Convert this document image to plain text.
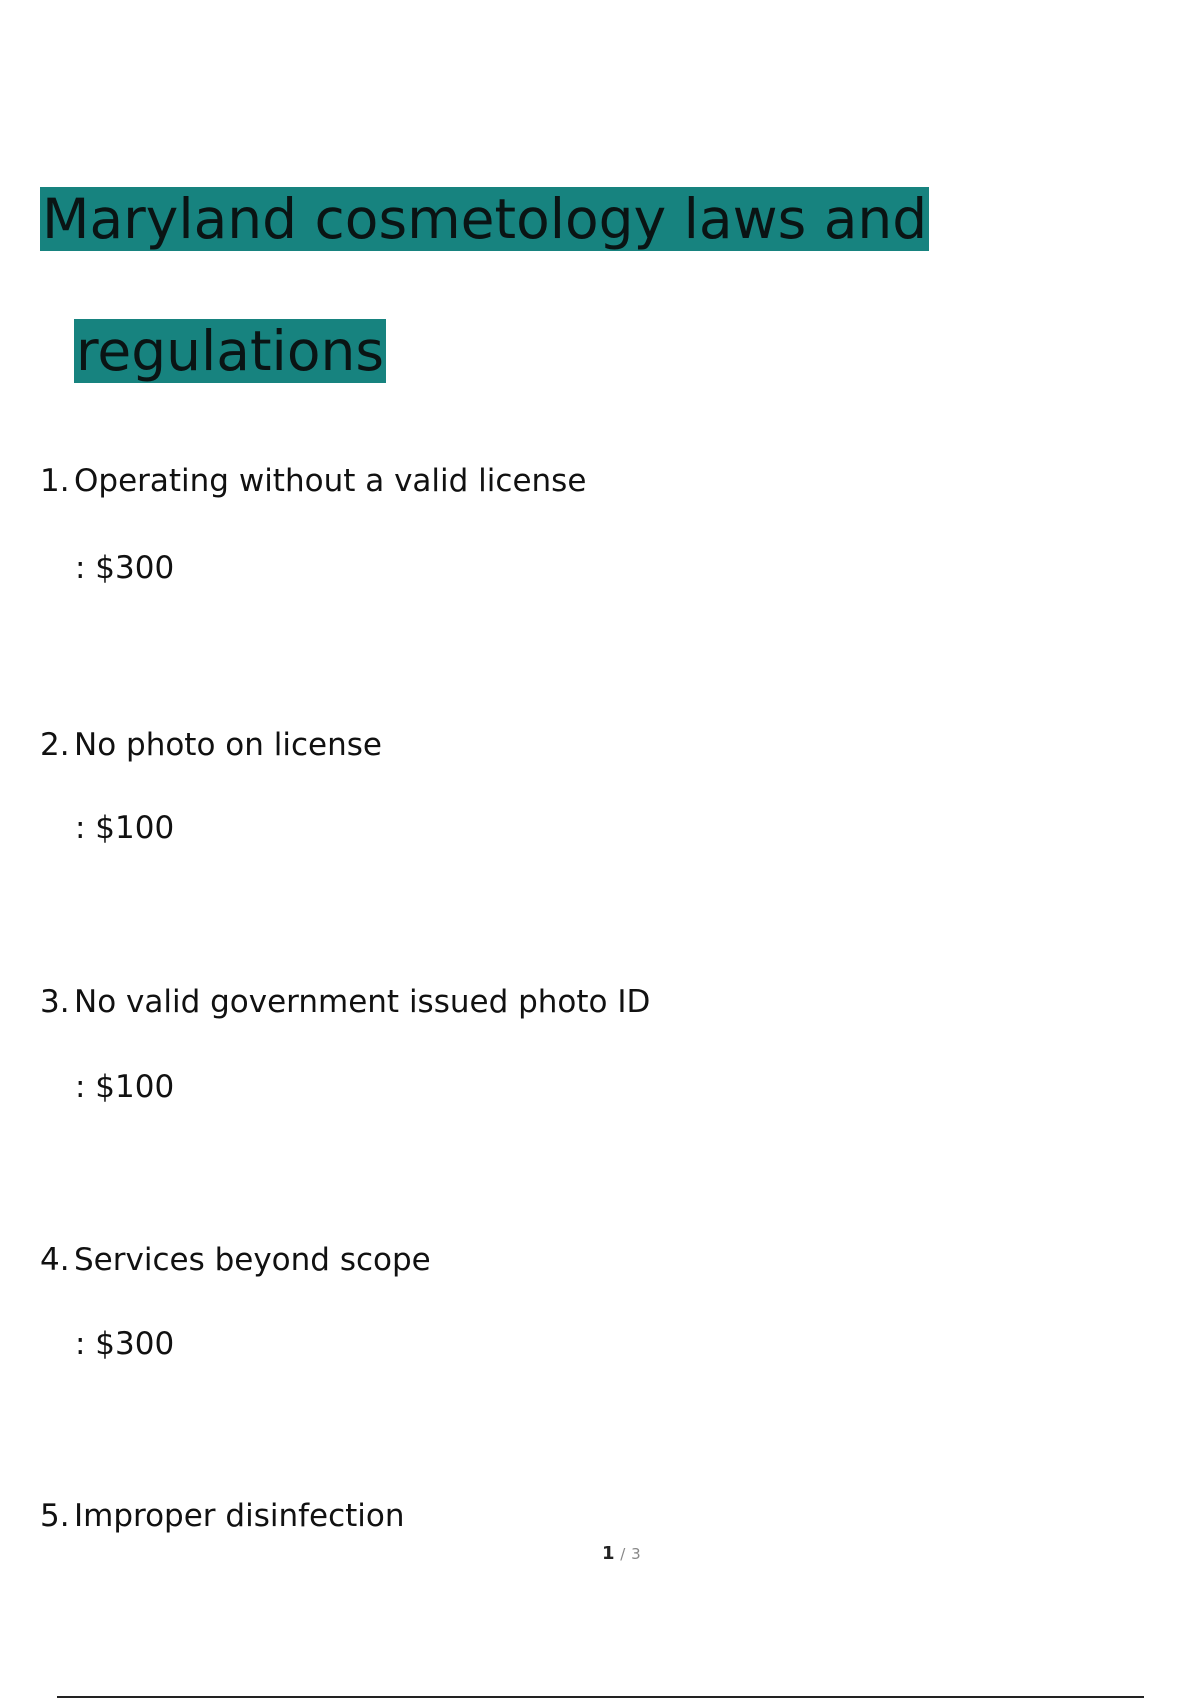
Maryland cosmetology laws and
regulations
1. Operating without a valid license
: $300
2. No photo on license
: $100
3. No valid government issued photo ID
: $100
4. Services beyond scope
: $300
5. Improper disinfection
1 / 3
